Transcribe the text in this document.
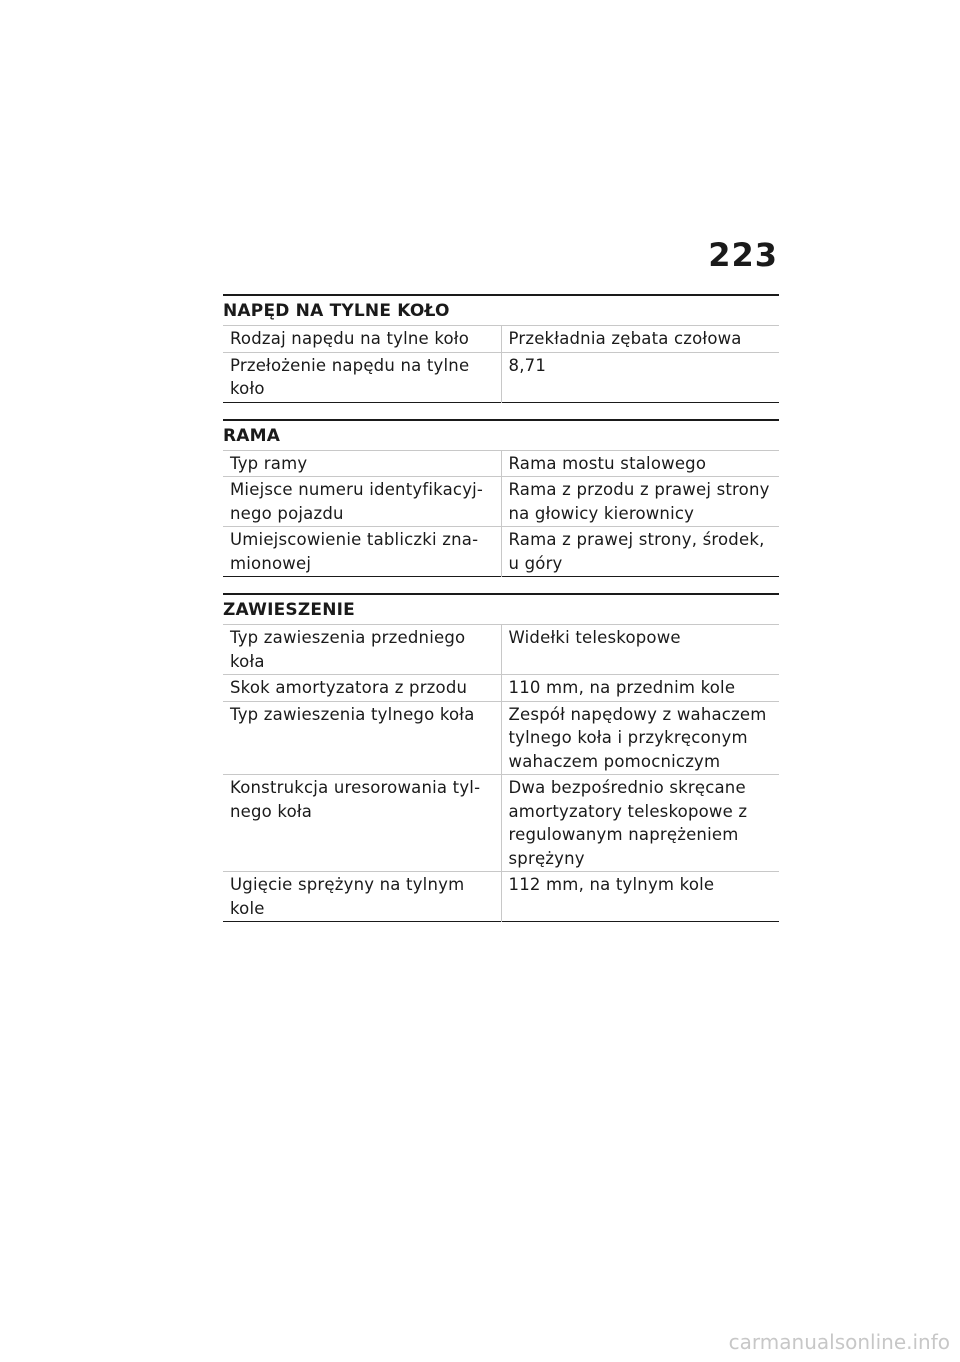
223
NAPĘD NA TYLNE KOŁO
Rodzaj napędu na tylne koło	Przekładnia zębata czołowa
Przełożenie napędu na tylne koło	8,71
RAMA
Typ ramy	Rama mostu stalowego
Miejsce numeru identyfikacyj-nego pojazdu	Rama z przodu z prawej strony na głowicy kierownicy
Umiejscowienie tabliczki zna-mionowej	Rama z prawej strony, środek, u góry
ZAWIESZENIE
Typ zawieszenia przedniego koła	Widełki teleskopowe
Skok amortyzatora z przodu	110 mm, na przednim kole
Typ zawieszenia tylnego koła	Zespół napędowy z wahaczem tylnego koła i przykręconym wahaczem pomocniczym
Konstrukcja uresorowania tyl-nego koła	Dwa bezpośrednio skręcane amortyzatory teleskopowe z regulowanym naprężeniem sprężyny
Ugięcie sprężyny na tylnym kole	112 mm, na tylnym kole
carmanualsonline.info
